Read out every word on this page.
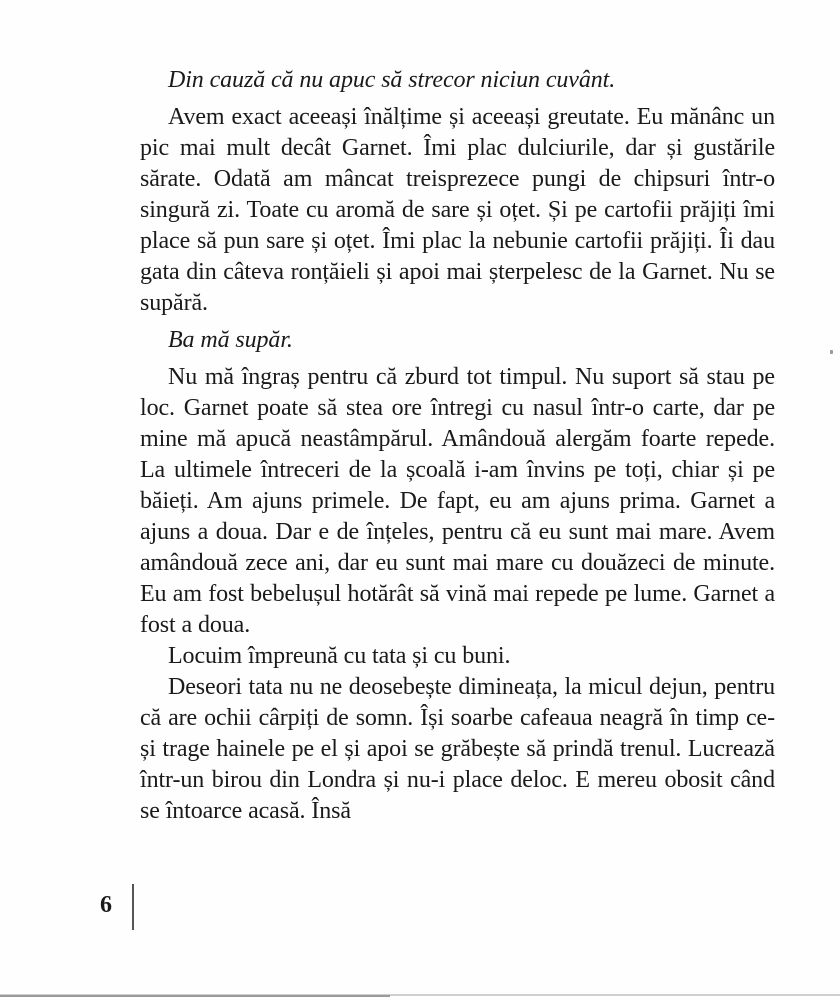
Din cauză că nu apuc să strecor niciun cuvânt.

Avem exact aceeași înălțime și aceeași greutate. Eu mănânc un pic mai mult decât Garnet. Îmi plac dulciurile, dar și gustările sărate. Odată am mâncat treisprezece pungi de chipsuri într-o singură zi. Toate cu aromă de sare și oțet. Și pe cartofii prăjiți îmi place să pun sare și oțet. Îmi plac la nebunie cartofii prăjiți. Îi dau gata din câteva ronțăieli și apoi mai șterpelesc de la Garnet. Nu se supără.

Ba mă supăr.

Nu mă îngraș pentru că zburd tot timpul. Nu suport să stau pe loc. Garnet poate să stea ore întregi cu nasul într-o carte, dar pe mine mă apucă neastâmpărul. Amândouă alergăm foarte repede. La ultimele întreceri de la școală i-am învins pe toți, chiar și pe băieți. Am ajuns primele. De fapt, eu am ajuns prima. Garnet a ajuns a doua. Dar e de înțeles, pentru că eu sunt mai mare. Avem amândouă zece ani, dar eu sunt mai mare cu douăzeci de minute. Eu am fost bebelușul hotărât să vină mai repede pe lume. Garnet a fost a doua.

Locuim împreună cu tata și cu buni.

Deseori tata nu ne deosebește dimineața, la micul dejun, pentru că are ochii cârpiți de somn. Își soarbe cafeaua neagră în timp ce-și trage hainele pe el și apoi se grăbește să prindă trenul. Lucrează într-un birou din Londra și nu-i place deloc. E mereu obosit când se întoarce acasă. Însă

6
